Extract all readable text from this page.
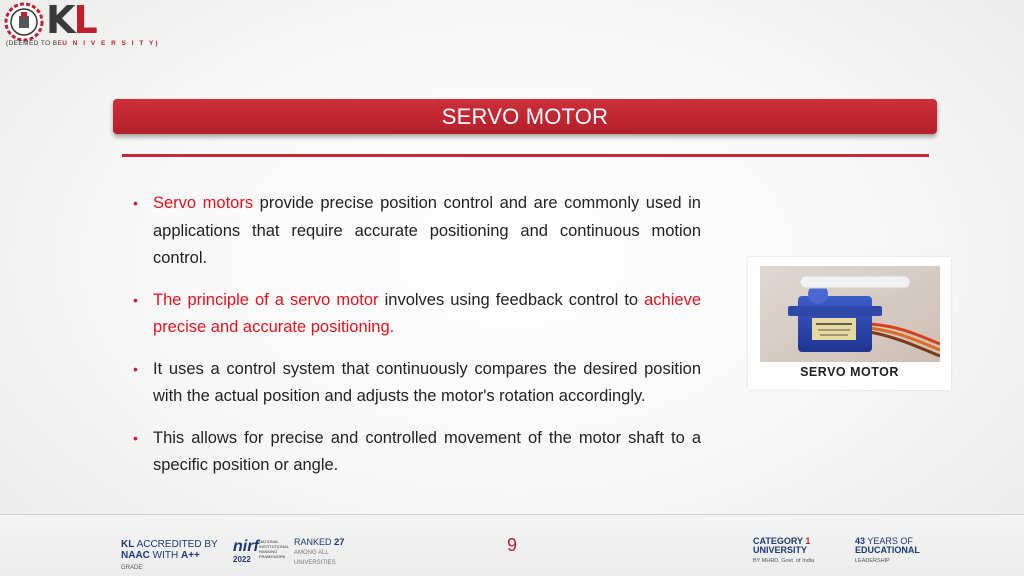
KL
(DEEMED TO BEU N I V E R S I T Y)
SERVO MOTOR
• Servo motors provide precise position control and are commonly used in applications that require accurate positioning and continuous motion control.
• The principle of a servo motor involves using feedback control to achieve precise and accurate positioning.
• It uses a control system that continuously compares the desired position with the actual position and adjusts the motor's rotation accordingly.
• This allows for precise and controlled movement of the motor shaft to a specific position or angle.
SERVO MOTOR
KL ACCREDITED BY
NAAC WITH A++
GRADE
nirf
2022
NATIONAL INSTITUTIONAL RANKING FRAMEWORK
RANKED 27
AMONG ALL
UNIVERSITIES
9	CATEGORY 1
UNIVERSITY
BY MHRD, Govt. of India
43 YEARS OF
EDUCATIONAL
LEADERSHIP
